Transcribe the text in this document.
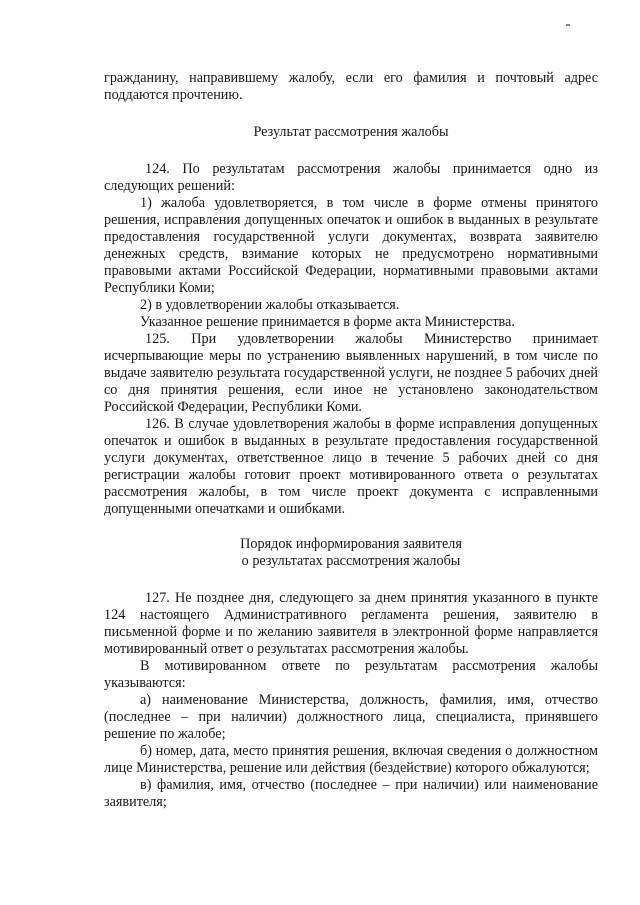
гражданину, направившему жалобу, если его фамилия и почтовый адрес поддаются прочтению.

Результат рассмотрения жалобы

124. По результатам рассмотрения жалобы принимается одно из следующих решений:

1) жалоба удовлетворяется, в том числе в форме отмены принятого решения, исправления допущенных опечаток и ошибок в выданных в результате предоставления государственной услуги документах, возврата заявителю денежных средств, взимание которых не предусмотрено нормативными правовыми актами Российской Федерации, нормативными правовыми актами Республики Коми;

2) в удовлетворении жалобы отказывается.

Указанное решение принимается в форме акта Министерства.

125. При удовлетворении жалобы Министерство принимает исчерпывающие меры по устранению выявленных нарушений, в том числе по выдаче заявителю результата государственной услуги, не позднее 5 рабочих дней со дня принятия решения, если иное не установлено законодательством Российской Федерации, Республики Коми.

126. В случае удовлетворения жалобы в форме исправления допущенных опечаток и ошибок в выданных в результате предоставления государственной услуги документах, ответственное лицо в течение 5 рабочих дней со дня регистрации жалобы готовит проект мотивированного ответа о результатах рассмотрения жалобы, в том числе проект документа с исправленными допущенными опечатками и ошибками.

Порядок информирования заявителя

о результатах рассмотрения жалобы

127. Не позднее дня, следующего за днем принятия указанного в пункте 124 настоящего Административного регламента решения, заявителю в письменной форме и по желанию заявителя в электронной форме направляется мотивированный ответ о результатах рассмотрения жалобы.

В мотивированном ответе по результатам рассмотрения жалобы указываются:

а) наименование Министерства, должность, фамилия, имя, отчество (последнее – при наличии) должностного лица, специалиста, принявшего решение по жалобе;

б) номер, дата, место принятия решения, включая сведения о должностном лице Министерства, решение или действия (бездействие) которого обжалуются;

в) фамилия, имя, отчество (последнее – при наличии) или наименование заявителя;
